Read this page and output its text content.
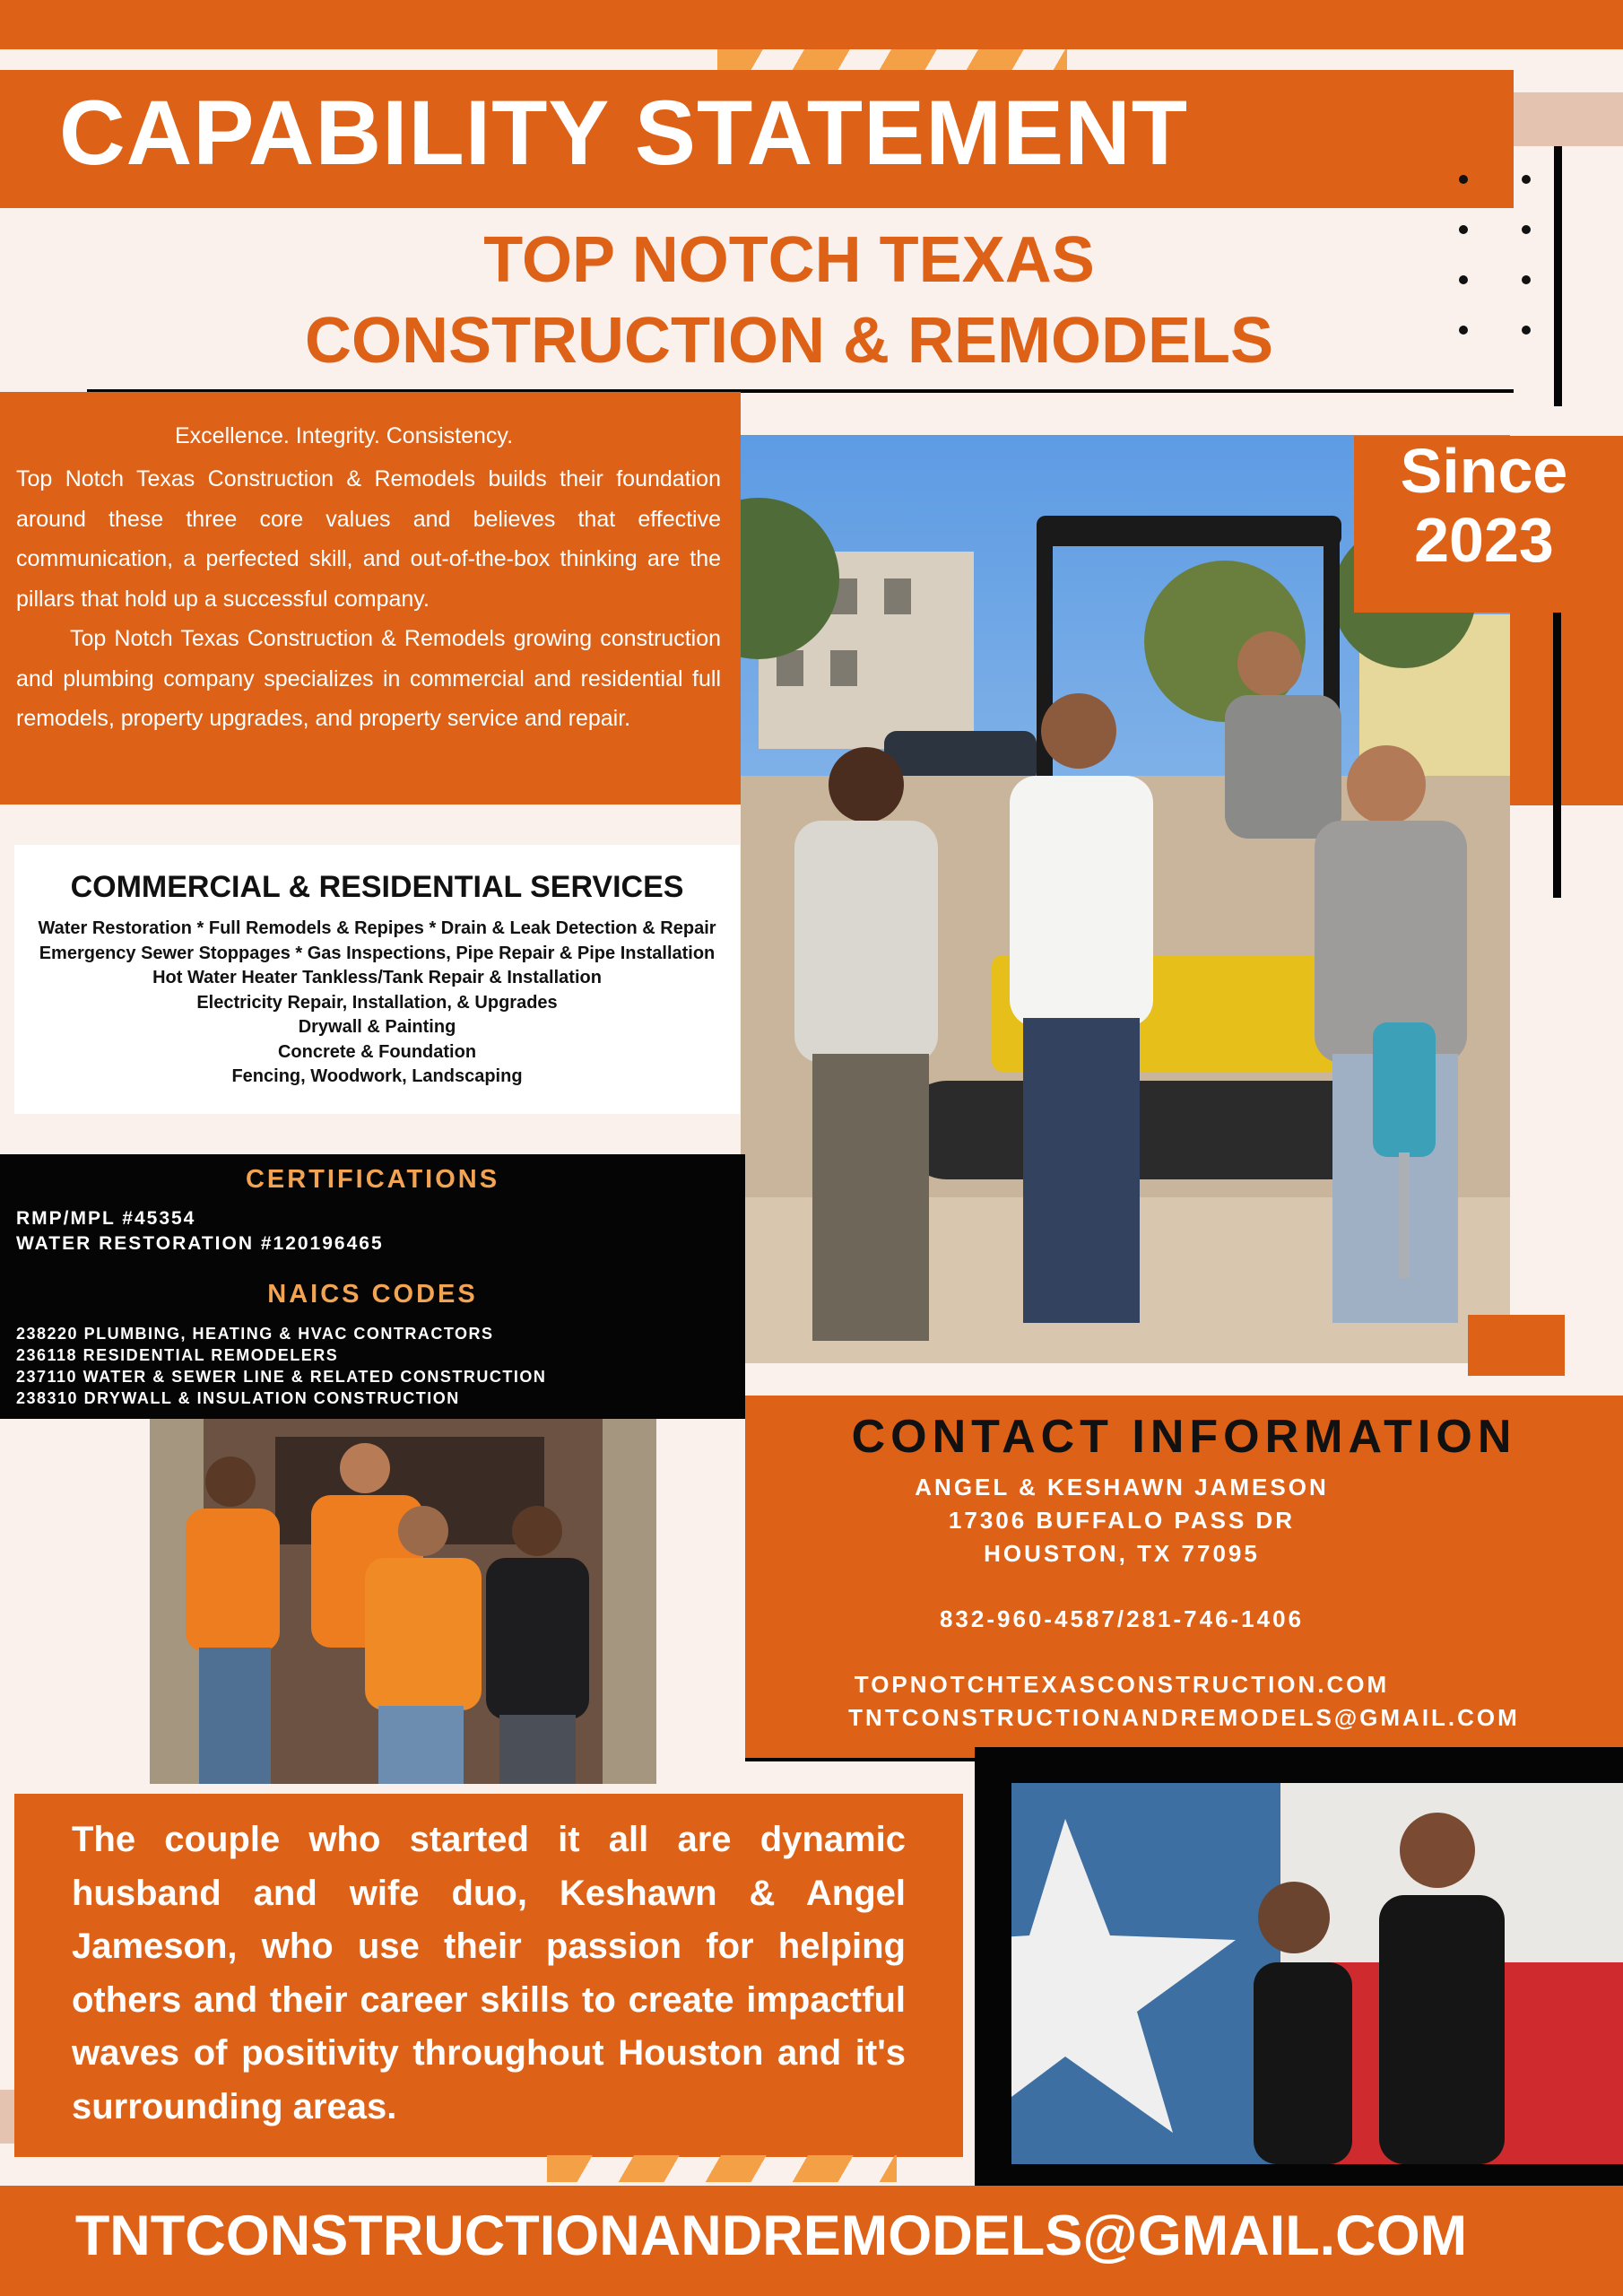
CAPABILITY STATEMENT
TOP NOTCH TEXAS
CONSTRUCTION & REMODELS
Excellence. Integrity. Consistency.
Top Notch Texas Construction & Remodels builds their foundation around these three core values and believes that effective communication, a perfected skill, and out-of-the-box thinking are the pillars that hold up a successful company.
Top Notch Texas Construction & Remodels growing construction and plumbing company specializes in commercial and residential full remodels, property upgrades, and property service and repair.
Since
2023
COMMERCIAL & RESIDENTIAL SERVICES
Water Restoration * Full Remodels & Repipes * Drain & Leak Detection & Repair
Emergency Sewer Stoppages * Gas Inspections, Pipe Repair & Pipe Installation
Hot Water Heater Tankless/Tank Repair & Installation
Electricity Repair, Installation, & Upgrades
Drywall & Painting
Concrete & Foundation
Fencing, Woodwork, Landscaping
CERTIFICATIONS
RMP/MPL #45354
WATER RESTORATION #120196465
NAICS CODES
238220 PLUMBING, HEATING & HVAC CONTRACTORS
236118 RESIDENTIAL REMODELERS
237110 WATER & SEWER LINE & RELATED CONSTRUCTION
238310 DRYWALL & INSULATION CONSTRUCTION
CONTACT INFORMATION
ANGEL & KESHAWN JAMESON
17306 BUFFALO PASS DR
HOUSTON, TX 77095
832-960-4587/281-746-1406
TOPNOTCHTEXASCONSTRUCTION.COM
TNTCONSTRUCTIONANDREMODELS@GMAIL.COM
The couple who started it all are dynamic husband and wife duo, Keshawn & Angel Jameson, who use their passion for helping others and their career skills to create impactful waves of positivity throughout Houston and it's surrounding areas.
TNTCONSTRUCTIONANDREMODELS@GMAIL.COM
